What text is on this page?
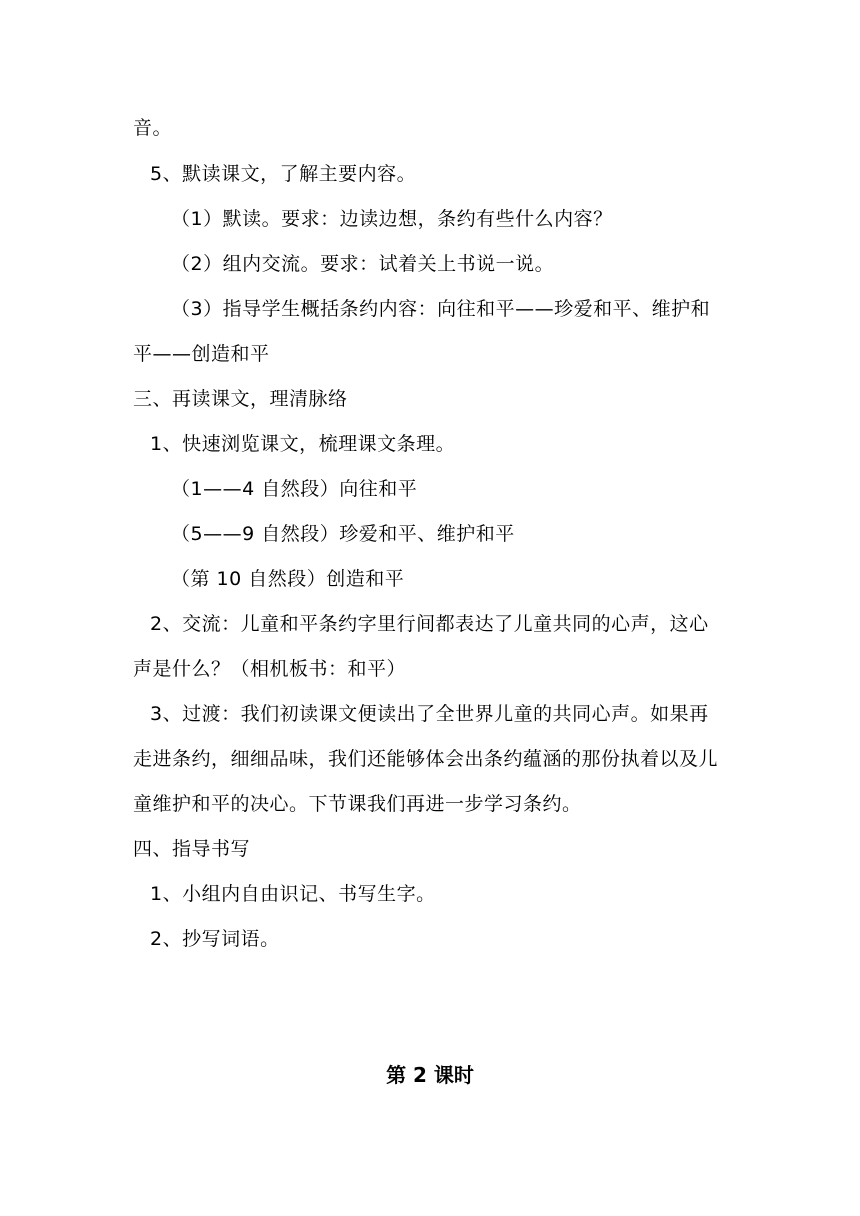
音。
5、默读课文，了解主要内容。
（1）默读。要求：边读边想，条约有些什么内容？
（2）组内交流。要求：试着关上书说一说。
（3）指导学生概括条约内容：向往和平——珍爱和平、维护和
平——创造和平
三、再读课文，理清脉络
1、快速浏览课文，梳理课文条理。
（1——4 自然段）向往和平
（5——9 自然段）珍爱和平、维护和平
（第 10 自然段）创造和平
2、交流：儿童和平条约字里行间都表达了儿童共同的心声，这心
声是什么？（相机板书：和平）
3、过渡：我们初读课文便读出了全世界儿童的共同心声。如果再
走进条约，细细品味，我们还能够体会出条约蕴涵的那份执着以及儿
童维护和平的决心。下节课我们再进一步学习条约。
四、指导书写
1、小组内自由识记、书写生字。
2、抄写词语。
第 2 课时
